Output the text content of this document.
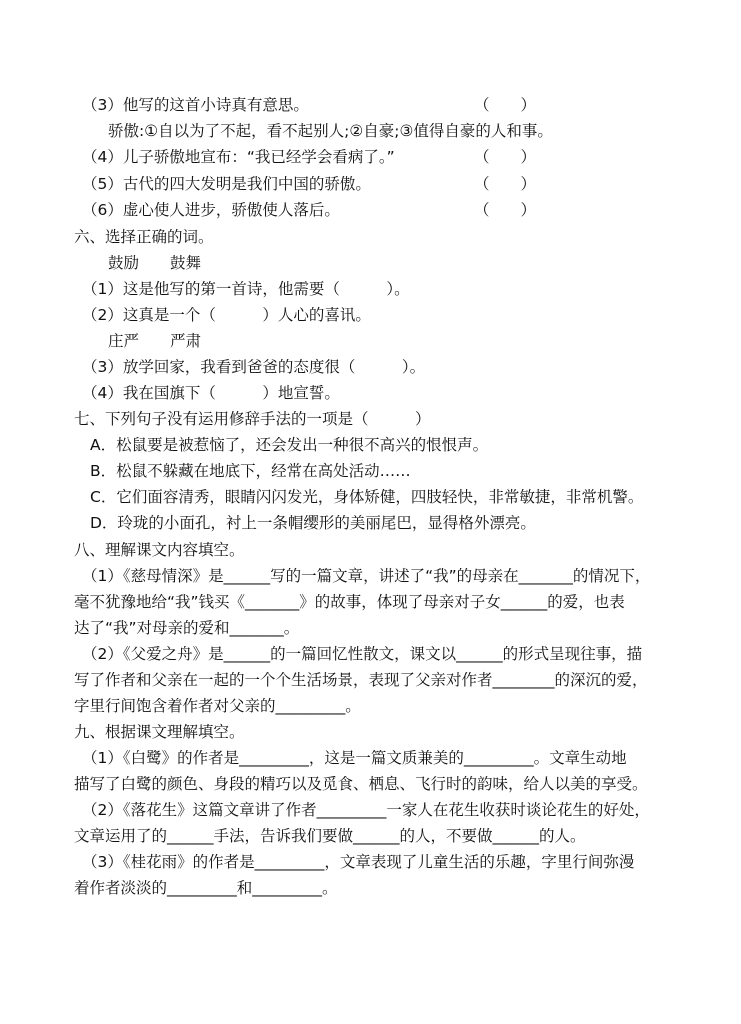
（3）他写的这首小诗真有意思。	（　　）
骄傲:①自以为了不起，看不起别人;②自豪;③值得自豪的人和事。
（4）儿子骄傲地宣布：“我已经学会看病了。”	（　　）
（5）古代的四大发明是我们中国的骄傲。	（　　）
（6）虚心使人进步，骄傲使人落后。	（　　）
六、选择正确的词。
鼓励　　鼓舞
（1）这是他写的第一首诗，他需要（　　　）。
（2）这真是一个（　　　）人心的喜讯。
庄严　　严肃
（3）放学回家，我看到爸爸的态度很（　　　）。
（4）我在国旗下（　　　）地宣誓。
七、下列句子没有运用修辞手法的一项是（　　　）
A．松鼠要是被惹恼了，还会发出一种很不高兴的恨恨声。
B．松鼠不躲藏在地底下，经常在高处活动……
C．它们面容清秀，眼睛闪闪发光，身体矫健，四肢轻快，非常敏捷，非常机警。
D．玲珑的小面孔，衬上一条帽缨形的美丽尾巴，显得格外漂亮。
八、理解课文内容填空。
（1）《慈母情深》是______写的一篇文章，讲述了“我”的母亲在_______的情况下，
毫不犹豫地给“我”钱买《_______》的故事，体现了母亲对子女______的爱，也表
达了“我”对母亲的爱和_______。
（2）《父爱之舟》是______的一篇回忆性散文，课文以______的形式呈现往事，描
写了作者和父亲在一起的一个个生活场景，表现了父亲对作者________的深沉的爱，
字里行间饱含着作者对父亲的_________。
九、根据课文理解填空。
（1）《白鹭》的作者是_________，这是一篇文质兼美的_________。文章生动地
描写了白鹭的颜色、身段的精巧以及觅食、栖息、飞行时的韵味，给人以美的享受。
（2）《落花生》这篇文章讲了作者_________一家人在花生收获时谈论花生的好处，
文章运用了的______手法，告诉我们要做______的人，不要做______的人。
（3）《桂花雨》的作者是_________，文章表现了儿童生活的乐趣，字里行间弥漫
着作者淡淡的_________和_________。
